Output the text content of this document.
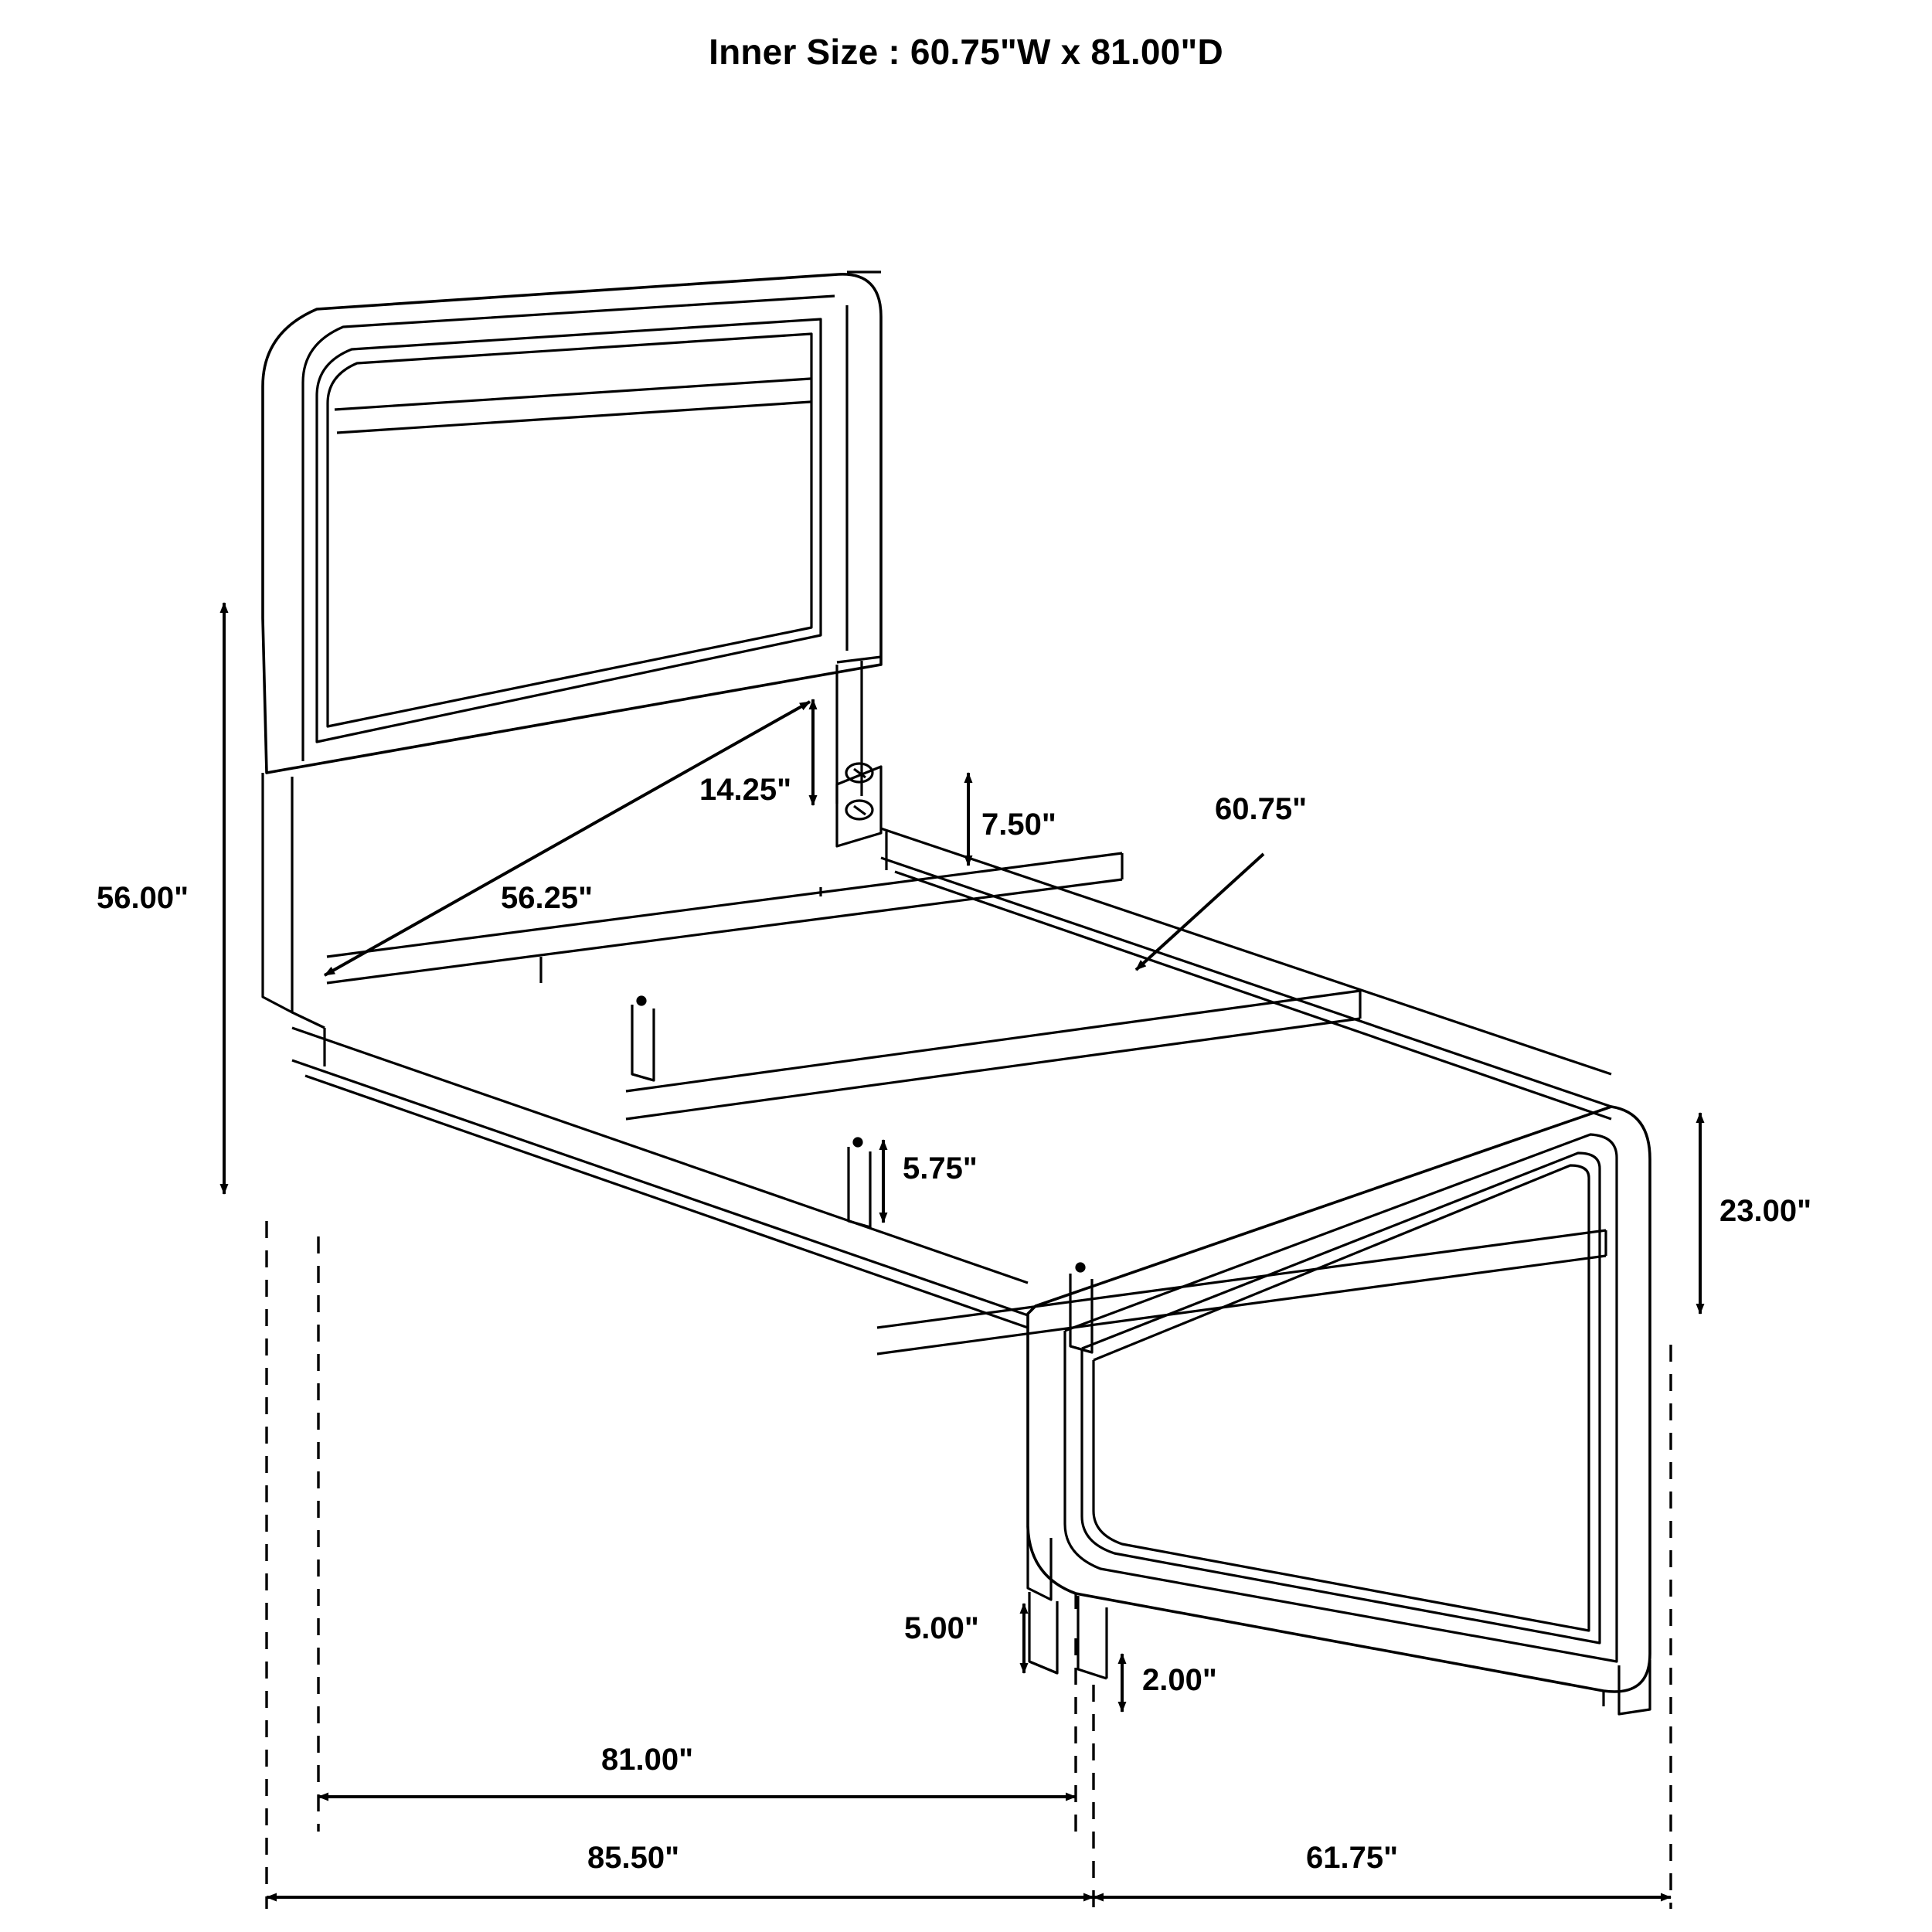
Inner Size : 60.75"W x 81.00"D
56.00"
14.25"
56.25"
7.50"	60.75"
5.75"
23.00"
5.00"
2.00"
81.00"
85.50"	61.75"
